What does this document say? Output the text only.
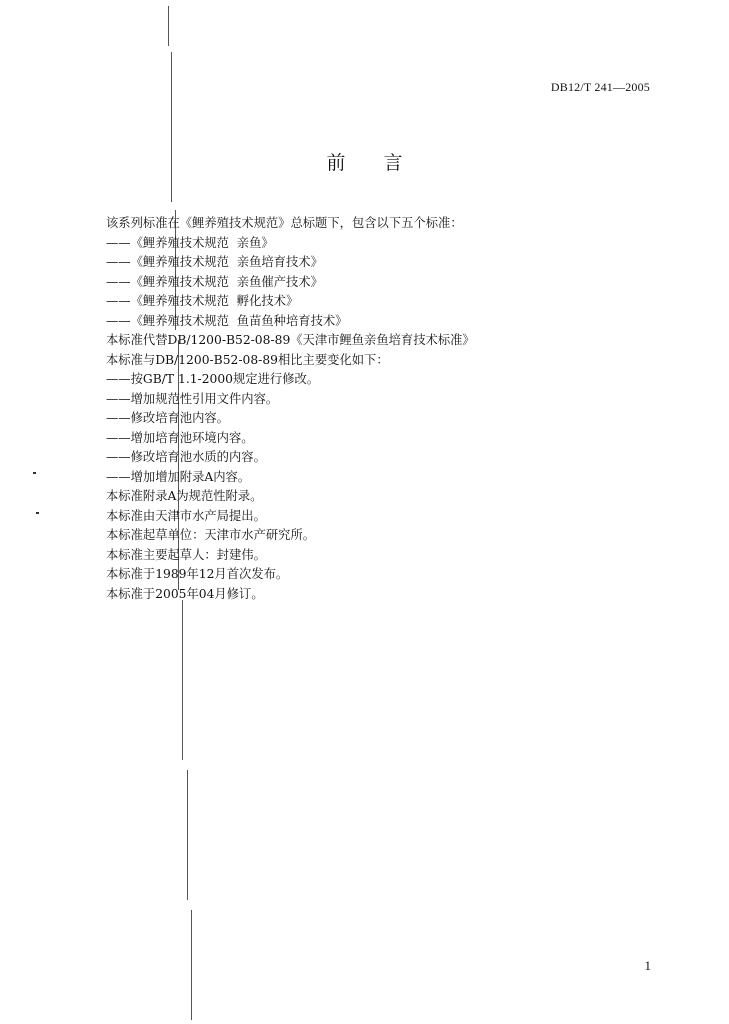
DB12/T 241—2005
前言
该系列标准在《鲤养殖技术规范》总标题下，包含以下五个标准：
——《鲤养殖技术规范  亲鱼》
——《鲤养殖技术规范  亲鱼培育技术》
——《鲤养殖技术规范  亲鱼催产技术》
——《鲤养殖技术规范  孵化技术》
——《鲤养殖技术规范  鱼苗鱼种培育技术》
本标准代替DB/1200-B52-08-89《天津市鲤鱼亲鱼培育技术标准》
本标准与DB/1200-B52-08-89相比主要变化如下：
——按GB/T 1.1-2000规定进行修改。
——增加规范性引用文件内容。
——修改培育池内容。
——增加培育池环境内容。
——修改培育池水质的内容。
——增加增加附录A内容。
本标准附录A为规范性附录。
本标准由天津市水产局提出。
本标准起草单位：天津市水产研究所。
本标准主要起草人：封建伟。
本标准于1989年12月首次发布。
本标准于2005年04月修订。
1
